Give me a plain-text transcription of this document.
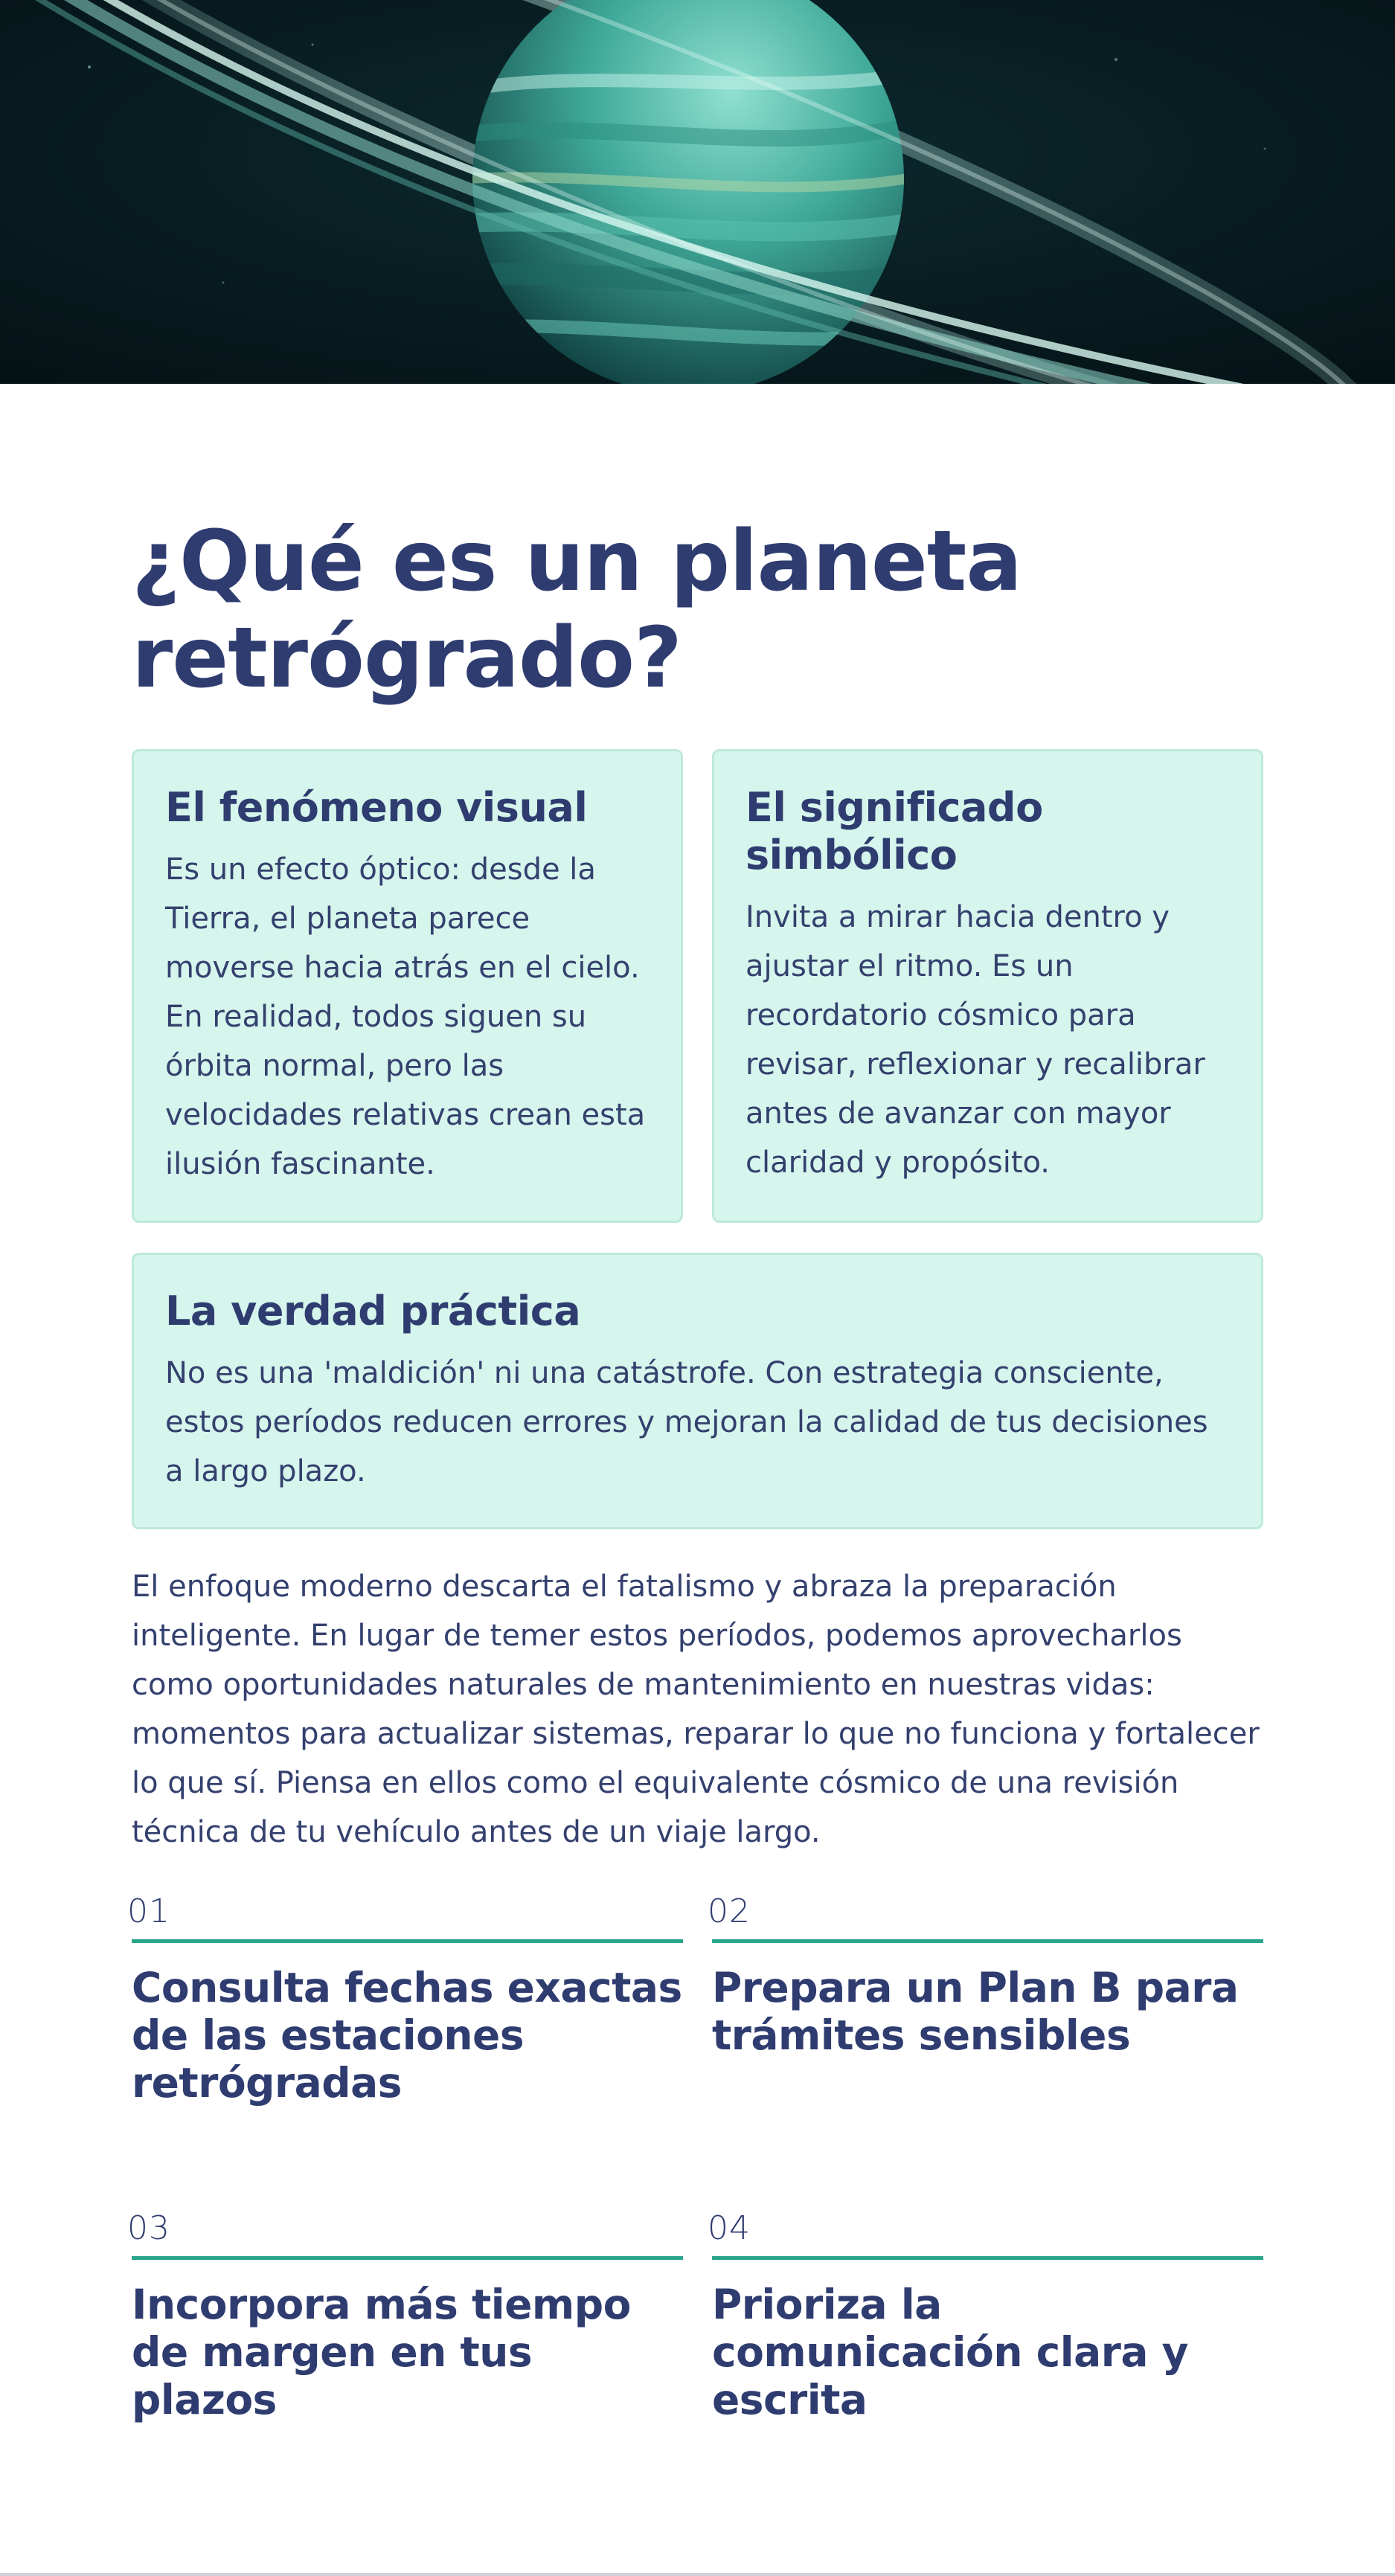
¿Qué es un planeta retrógrado?
El fenómeno visual

Es un efecto óptico: desde la Tierra, el planeta parece moverse hacia atrás en el cielo. En realidad, todos siguen su órbita normal, pero las velocidades relativas crean esta ilusión fascinante.

El significado simbólico

Invita a mirar hacia dentro y ajustar el ritmo. Es un recordatorio cósmico para revisar, reflexionar y recalibrar antes de avanzar con mayor claridad y propósito.

La verdad práctica

No es una 'maldición' ni una catástrofe. Con estrategia consciente, estos períodos reducen errores y mejoran la calidad de tus decisiones a largo plazo.

El enfoque moderno descarta el fatalismo y abraza la preparación inteligente. En lugar de temer estos períodos, podemos aprovecharlos como oportunidades naturales de mantenimiento en nuestras vidas: momentos para actualizar sistemas, reparar lo que no funciona y fortalecer lo que sí. Piensa en ellos como el equivalente cósmico de una revisión técnica de tu vehículo antes de un viaje largo.

01
Consulta fechas exactas de las estaciones retrógradas
02
Prepara un Plan B para trámites sensibles
03
Incorpora más tiempo de margen en tus plazos
04
Prioriza la comunicación clara y escrita
